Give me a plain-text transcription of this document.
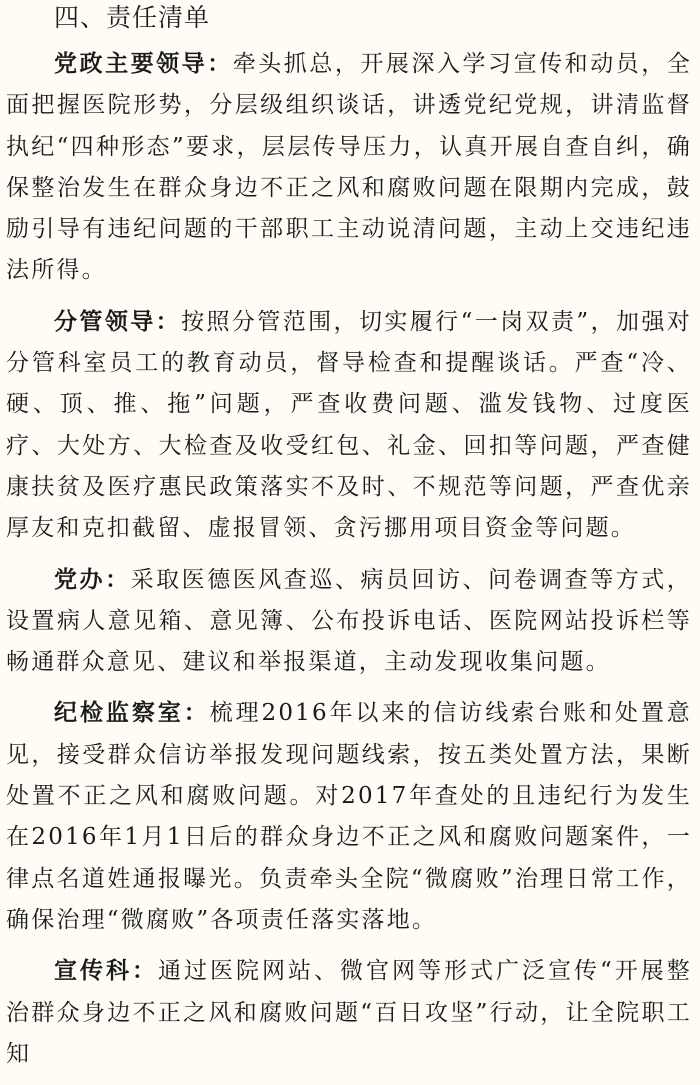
四、责任清单

党政主要领导：牵头抓总，开展深入学习宣传和动员，全面把握医院形势，分层级组织谈话，讲透党纪党规，讲清监督执纪“四种形态”要求，层层传导压力，认真开展自查自纠，确保整治发生在群众身边不正之风和腐败问题在限期内完成，鼓励引导有违纪问题的干部职工主动说清问题，主动上交违纪违法所得。

分管领导：按照分管范围，切实履行“一岗双责”，加强对分管科室员工的教育动员，督导检查和提醒谈话。严查“冷、硬、顶、推、拖”问题，严查收费问题、滥发钱物、过度医疗、大处方、大检查及收受红包、礼金、回扣等问题，严查健康扶贫及医疗惠民政策落实不及时、不规范等问题，严查优亲厚友和克扣截留、虚报冒领、贪污挪用项目资金等问题。

党办：采取医德医风查巡、病员回访、问卷调查等方式，设置病人意见箱、意见簿、公布投诉电话、医院网站投诉栏等畅通群众意见、建议和举报渠道，主动发现收集问题。

纪检监察室：梳理2016年以来的信访线索台账和处置意见，接受群众信访举报发现问题线索，按五类处置方法，果断处置不正之风和腐败问题。对2017年查处的且违纪行为发生在2016年1月1日后的群众身边不正之风和腐败问题案件，一律点名道姓通报曝光。负责牵头全院“微腐败”治理日常工作，确保治理“微腐败”各项责任落实落地。

宣传科：通过医院网站、微官网等形式广泛宣传“开展整治群众身边不正之风和腐败问题“百日攻坚”行动，让全院职工知
